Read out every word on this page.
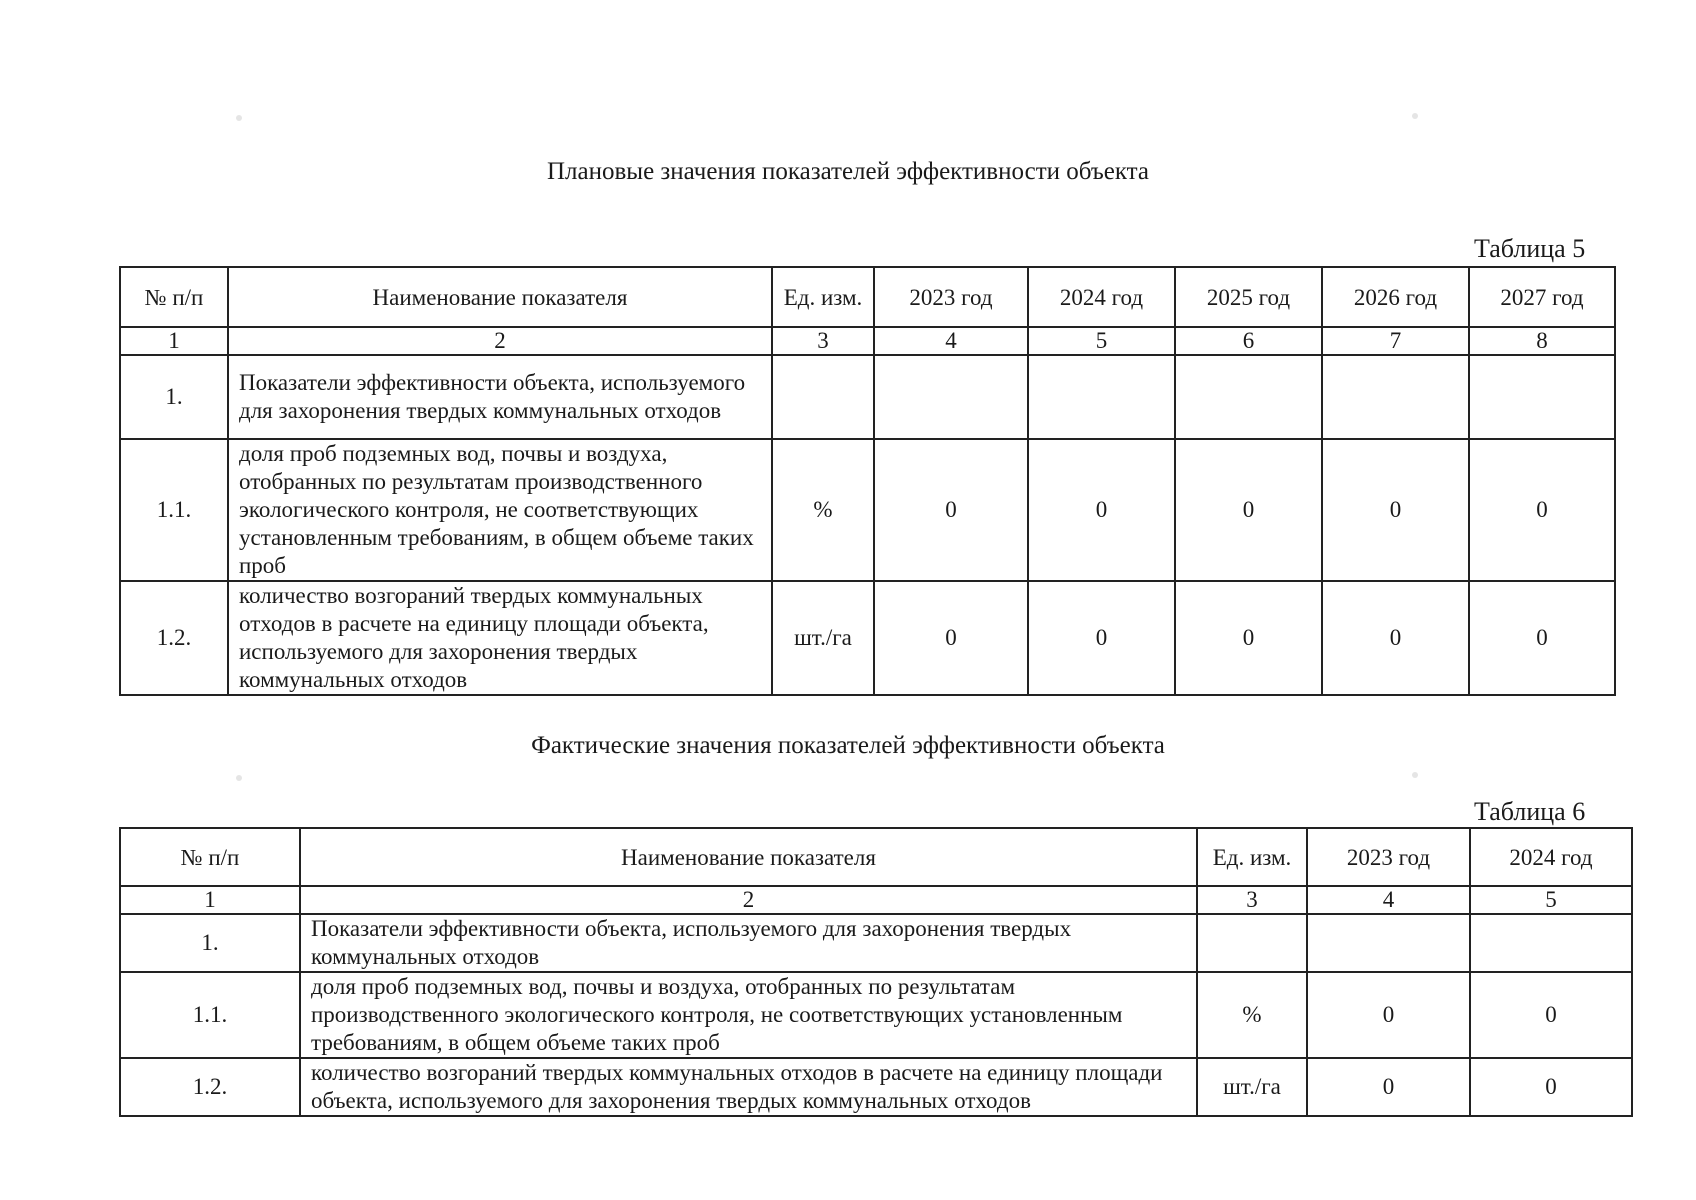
Плановые значения показателей эффективности объекта
Таблица 5
№ п/п	Наименование показателя	Ед. изм.	2023 год	2024 год	2025 год	2026 год	2027 год
1	2	3	4	5	6	7	8
1.	Показатели эффективности объекта, используемого для захоронения твердых коммунальных отходов						
1.1.	доля проб подземных вод, почвы и воздуха, отобранных по результатам производственного экологического контроля, не соответствующих установленным требованиям, в общем объеме таких проб	%	0	0	0	0	0
1.2.	количество возгораний твердых коммунальных отходов в расчете на единицу площади объекта, используемого для захоронения твердых коммунальных отходов	шт./га	0	0	0	0	0
Фактические значения показателей эффективности объекта
Таблица 6
№ п/п	Наименование показателя	Ед. изм.	2023 год	2024 год
1	2	3	4	5
1.	Показатели эффективности объекта, используемого для захоронения твердых коммунальных отходов			
1.1.	доля проб подземных вод, почвы и воздуха, отобранных по результатам производственного экологического контроля, не соответствующих установленным требованиям, в общем объеме таких проб	%	0	0
1.2.	количество возгораний твердых коммунальных отходов в расчете на единицу площади объекта, используемого для захоронения твердых коммунальных отходов	шт./га	0	0
